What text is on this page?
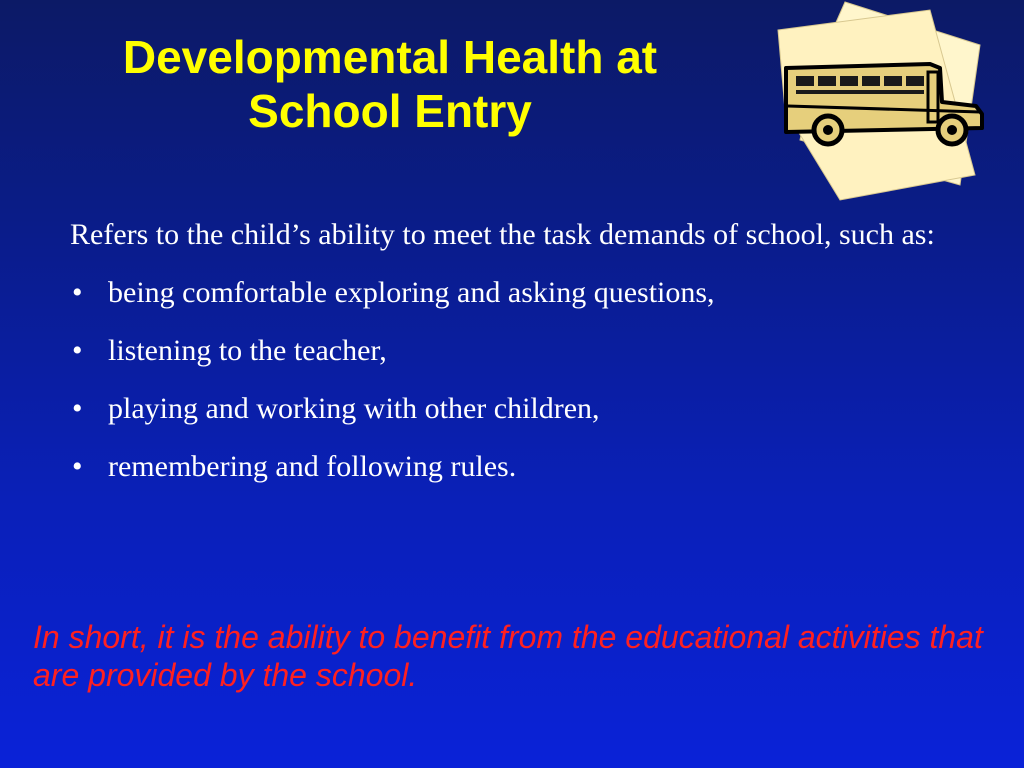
Developmental Health at
School Entry

Refers to the child’s ability to meet the task demands of school, such as:

• being comfortable exploring and asking questions,
• listening to the teacher,
• playing and working with other children,
• remembering and following rules.

In short, it is the ability to benefit from the educational activities that are provided by the school.
